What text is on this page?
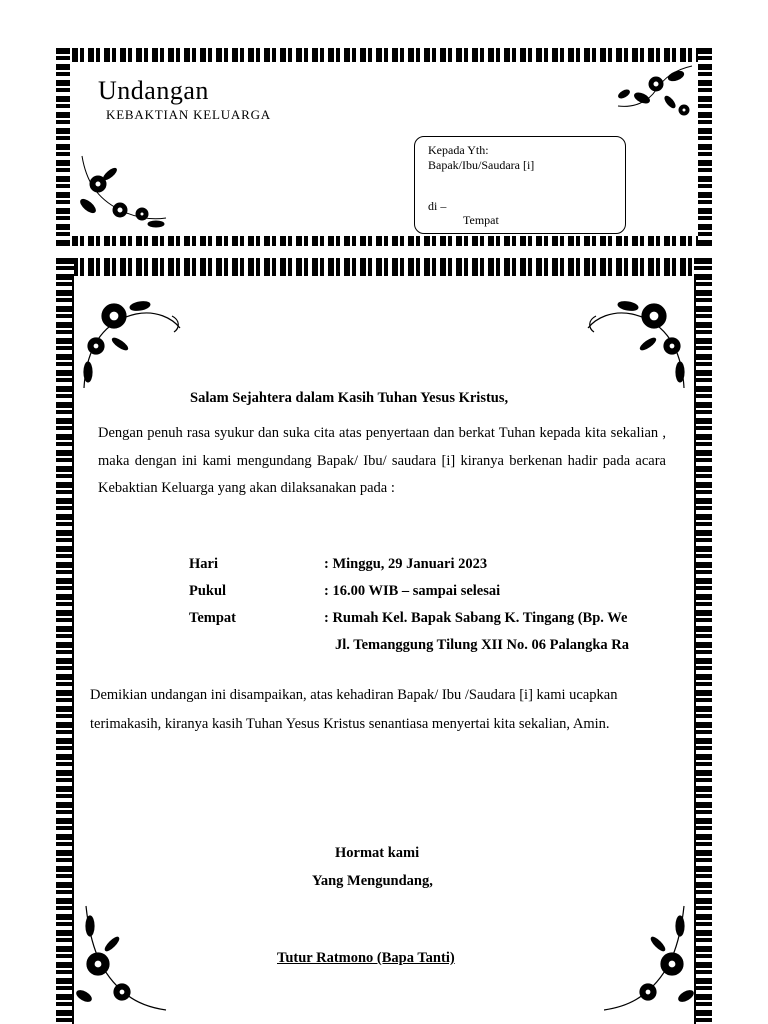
Undangan
KEBAKTIAN KELUARGA
Kepada Yth:
Bapak/Ibu/Saudara [i]
di –
Tempat
Salam Sejahtera dalam Kasih Tuhan Yesus Kristus,
Dengan penuh rasa syukur dan suka cita atas penyertaan dan berkat Tuhan kepada kita sekalian , maka dengan ini kami mengundang Bapak/ Ibu/ saudara [i] kiranya berkenan hadir pada acara Kebaktian Keluarga yang akan dilaksanakan pada :
Hari	: Minggu, 29 Januari 2023
Pukul	: 16.00 WIB – sampai selesai
Tempat	: Rumah Kel. Bapak Sabang K. Tingang (Bp. We
Jl. Temanggung Tilung XII No. 06 Palangka Ra
Demikian undangan ini disampaikan, atas kehadiran Bapak/ Ibu /Saudara [i] kami ucapkan terimakasih, kiranya kasih Tuhan Yesus Kristus senantiasa menyertai kita sekalian, Amin.
Hormat kami
Yang Mengundang,
Tutur Ratmono (Bapa Tanti)
